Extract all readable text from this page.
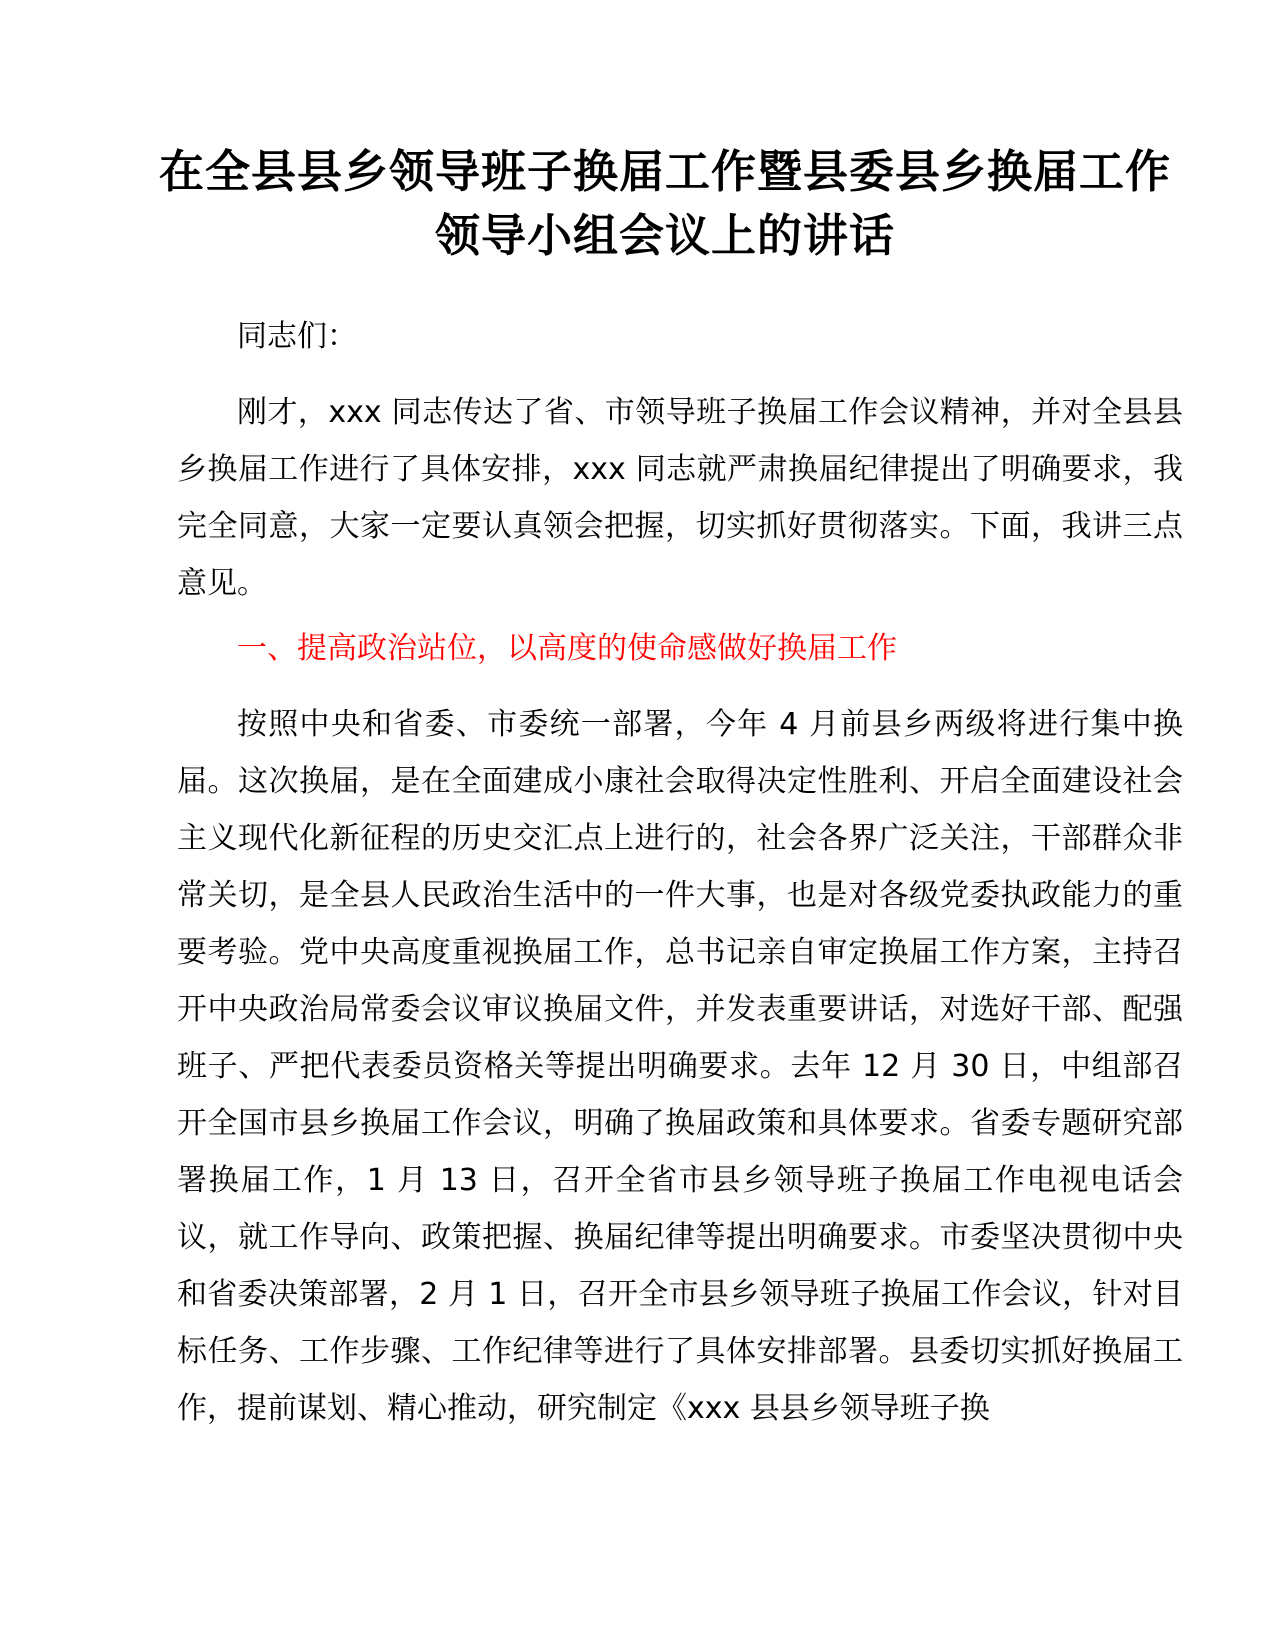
在全县县乡领导班子换届工作暨县委县乡换届工作
领导小组会议上的讲话

同志们：

刚才，xxx 同志传达了省、市领导班子换届工作会议精神，并对全县县乡换届工作进行了具体安排，xxx 同志就严肃换届纪律提出了明确要求，我完全同意，大家一定要认真领会把握，切实抓好贯彻落实。下面，我讲三点意见。

一、提高政治站位，以高度的使命感做好换届工作

按照中央和省委、市委统一部署，今年 4 月前县乡两级将进行集中换届。这次换届，是在全面建成小康社会取得决定性胜利、开启全面建设社会主义现代化新征程的历史交汇点上进行的，社会各界广泛关注，干部群众非常关切，是全县人民政治生活中的一件大事，也是对各级党委执政能力的重要考验。党中央高度重视换届工作，总书记亲自审定换届工作方案，主持召开中央政治局常委会议审议换届文件，并发表重要讲话，对选好干部、配强班子、严把代表委员资格关等提出明确要求。去年 12 月 30 日，中组部召开全国市县乡换届工作会议，明确了换届政策和具体要求。省委专题研究部署换届工作，1 月 13 日，召开全省市县乡领导班子换届工作电视电话会议，就工作导向、政策把握、换届纪律等提出明确要求。市委坚决贯彻中央和省委决策部署，2 月 1 日，召开全市县乡领导班子换届工作会议，针对目标任务、工作步骤、工作纪律等进行了具体安排部署。县委切实抓好换届工作，提前谋划、精心推动，研究制定《xxx 县县乡领导班子换
